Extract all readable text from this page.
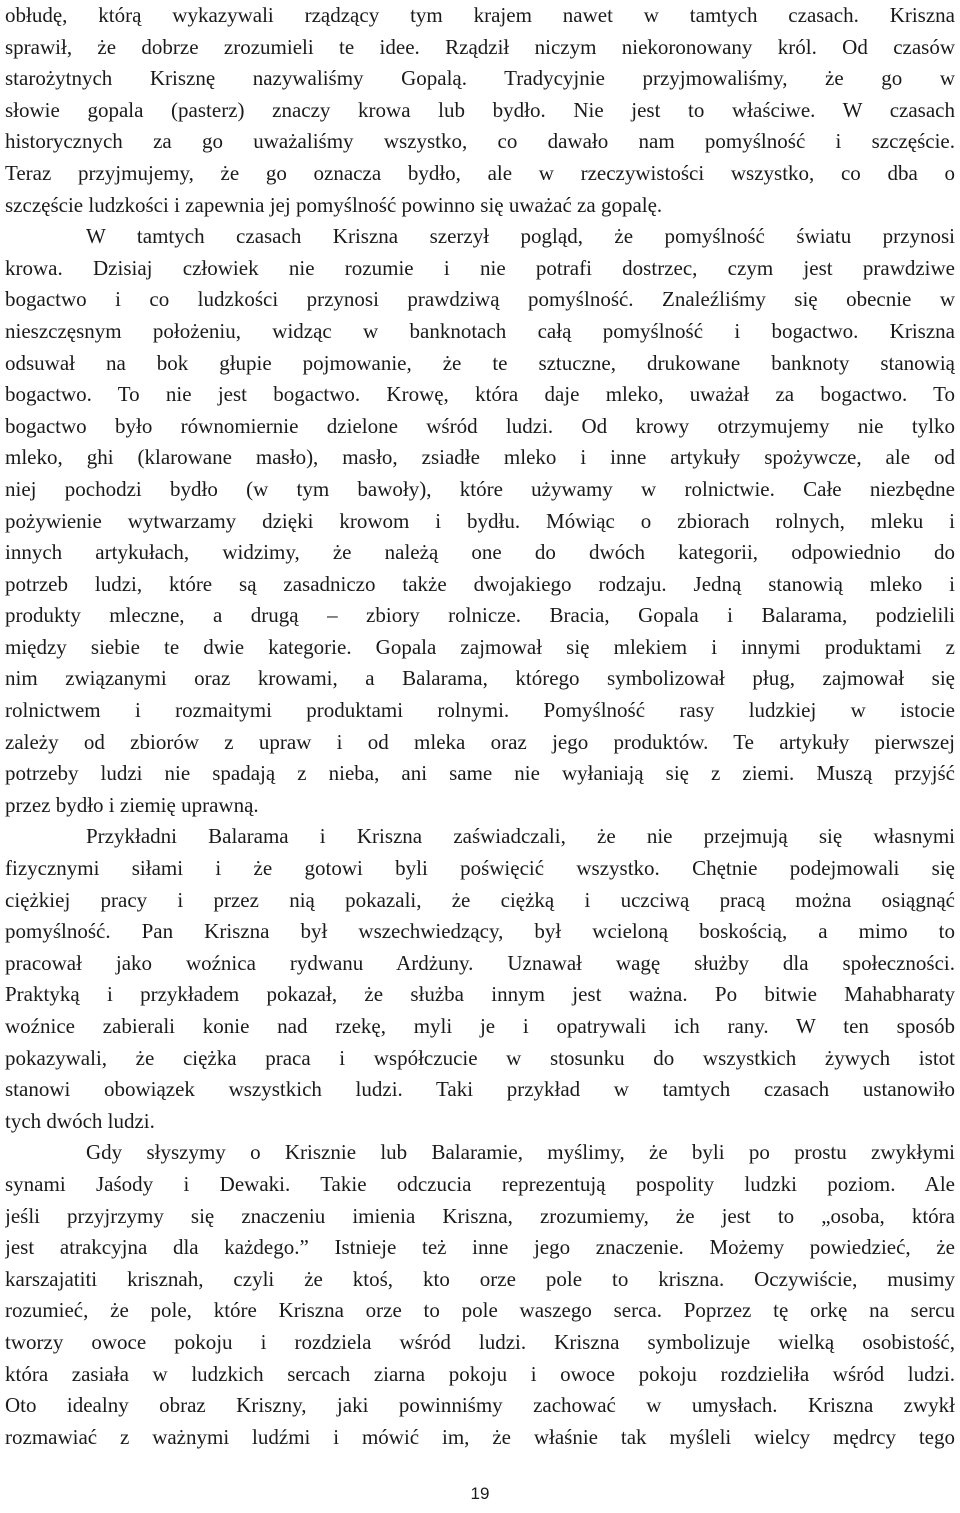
obłudę, którą wykazywali rządzący tym krajem nawet w tamtych czasach. Kriszna
sprawił, że dobrze zrozumieli te idee. Rządził niczym niekoronowany król. Od czasów
starożytnych Krisznę nazywaliśmy Gopalą. Tradycyjnie przyjmowaliśmy, że go w
słowie gopala (pasterz) znaczy krowa lub bydło. Nie jest to właściwe. W czasach
historycznych za go uważaliśmy wszystko, co dawało nam pomyślność i szczęście.
Teraz przyjmujemy, że go oznacza bydło, ale w rzeczywistości wszystko, co dba o
szczęście ludzkości i zapewnia jej pomyślność powinno się uważać za gopalę.
W tamtych czasach Kriszna szerzył pogląd, że pomyślność światu przynosi
krowa. Dzisiaj człowiek nie rozumie i nie potrafi dostrzec, czym jest prawdziwe
bogactwo i co ludzkości przynosi prawdziwą pomyślność. Znaleźliśmy się obecnie w
nieszczęsnym położeniu, widząc w banknotach całą pomyślność i bogactwo. Kriszna
odsuwał na bok głupie pojmowanie, że te sztuczne, drukowane banknoty stanowią
bogactwo. To nie jest bogactwo. Krowę, która daje mleko, uważał za bogactwo. To
bogactwo było równomiernie dzielone wśród ludzi. Od krowy otrzymujemy nie tylko
mleko, ghi (klarowane masło), masło, zsiadłe mleko i inne artykuły spożywcze, ale od
niej pochodzi bydło (w tym bawoły), które używamy w rolnictwie. Całe niezbędne
pożywienie wytwarzamy dzięki krowom i bydłu. Mówiąc o zbiorach rolnych, mleku i
innych artykułach, widzimy, że należą one do dwóch kategorii, odpowiednio do
potrzeb ludzi, które są zasadniczo także dwojakiego rodzaju. Jedną stanowią mleko i
produkty mleczne, a drugą – zbiory rolnicze. Bracia, Gopala i Balarama, podzielili
między siebie te dwie kategorie. Gopala zajmował się mlekiem i innymi produktami z
nim związanymi oraz krowami, a Balarama, którego symbolizował pług, zajmował się
rolnictwem i rozmaitymi produktami rolnymi. Pomyślność rasy ludzkiej w istocie
zależy od zbiorów z upraw i od mleka oraz jego produktów. Te artykuły pierwszej
potrzeby ludzi nie spadają z nieba, ani same nie wyłaniają się z ziemi. Muszą przyjść
przez bydło i ziemię uprawną.
Przykładni Balarama i Kriszna zaświadczali, że nie przejmują się własnymi
fizycznymi siłami i że gotowi byli poświęcić wszystko. Chętnie podejmowali się
ciężkiej pracy i przez nią pokazali, że ciężką i uczciwą pracą można osiągnąć
pomyślność. Pan Kriszna był wszechwiedzący, był wcieloną boskością, a mimo to
pracował jako woźnica rydwanu Ardżuny. Uznawał wagę służby dla społeczności.
Praktyką i przykładem pokazał, że służba innym jest ważna. Po bitwie Mahabharaty
woźnice zabierali konie nad rzekę, myli je i opatrywali ich rany. W ten sposób
pokazywali, że ciężka praca i współczucie w stosunku do wszystkich żywych istot
stanowi obowiązek wszystkich ludzi. Taki przykład w tamtych czasach ustanowiło
tych dwóch ludzi.
Gdy słyszymy o Krisznie lub Balaramie, myślimy, że byli po prostu zwykłymi
synami Jaśody i Dewaki. Takie odczucia reprezentują pospolity ludzki poziom. Ale
jeśli przyjrzymy się znaczeniu imienia Kriszna, zrozumiemy, że jest to „osoba, która
jest atrakcyjna dla każdego.” Istnieje też inne jego znaczenie. Możemy powiedzieć, że
karszajatiti krisznah, czyli że ktoś, kto orze pole to kriszna. Oczywiście, musimy
rozumieć, że pole, które Kriszna orze to pole waszego serca. Poprzez tę orkę na sercu
tworzy owoce pokoju i rozdziela wśród ludzi. Kriszna symbolizuje wielką osobistość,
która zasiała w ludzkich sercach ziarna pokoju i owoce pokoju rozdzieliła wśród ludzi.
Oto idealny obraz Kriszny, jaki powinniśmy zachować w umysłach. Kriszna zwykł
rozmawiać z ważnymi ludźmi i mówić im, że właśnie tak myśleli wielcy mędrcy tego
19
